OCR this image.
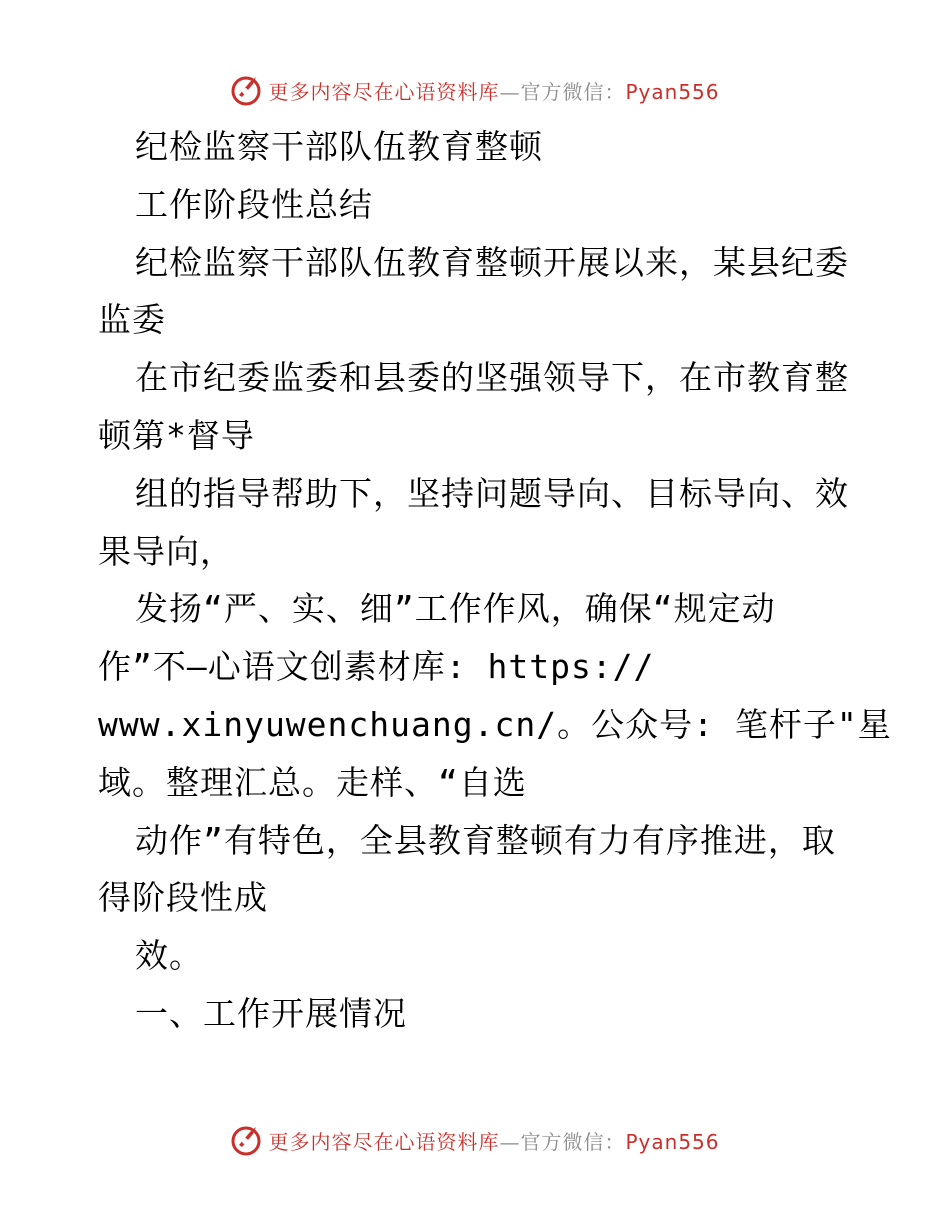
更多内容尽在心语资料库—官方微信：Pyan556
纪检监察干部队伍教育整顿
工作阶段性总结
纪检监察干部队伍教育整顿开展以来，某县纪委
监委
在市纪委监委和县委的坚强领导下，在市教育整
顿第*督导
组的指导帮助下，坚持问题导向、目标导向、效
果导向，
发扬“严、实、细”工作作风，确保“规定动
作”不—心语文创素材库: https://
www.xinyuwenchuang.cn/。公众号: 笔杆子"星
域。整理汇总。走样、“自选
动作”有特色，全县教育整顿有力有序推进，取
得阶段性成
效。
一、工作开展情况
更多内容尽在心语资料库—官方微信：Pyan556
